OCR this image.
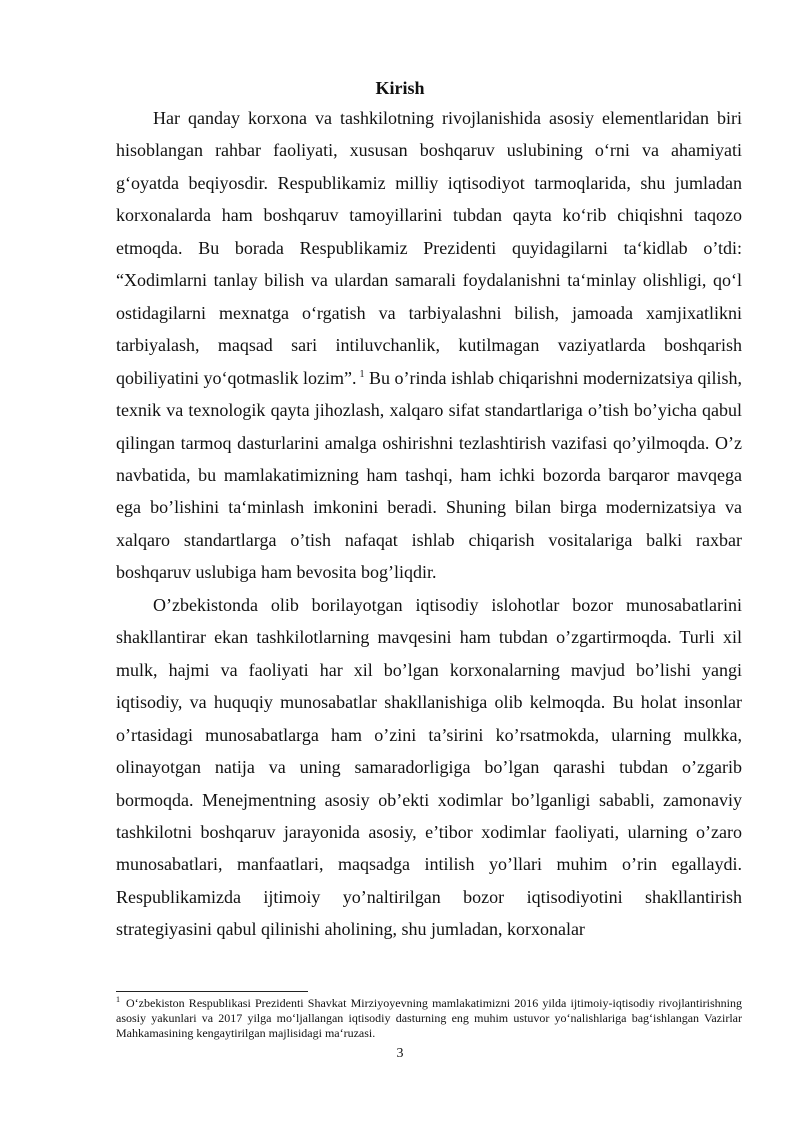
Kirish

Har qanday korxona va tashkilotning rivojlanishida asosiy elementlaridan biri hisoblangan rahbar faoliyati, xususan boshqaruv uslubining o‘rni va ahamiyati g‘oyatda beqiyosdir. Respublikamiz milliy iqtisodiyot tarmoqlarida, shu jumladan korxonalarda ham boshqaruv tamoyillarini tubdan qayta ko‘rib chiqishni taqozo etmoqda. Bu borada Respublikamiz Prezidenti quyidagilarni ta‘kidlab o’tdi: “Xodimlarni tanlay bilish va ulardan samarali foydalanishni ta‘minlay olishligi, qo‘l ostidagilarni mexnatga o‘rgatish va tarbiyalashni bilish, jamoada xamjixatlikni tarbiyalash, maqsad sari intiluvchanlik, kutilmagan vaziyatlarda boshqarish qobiliyatini yo‘qotmaslik lozim”. $^1$ Bu o’rinda ishlab chiqarishni modernizatsiya qilish, texnik va texnologik qayta jihozlash, xalqaro sifat standartlariga o’tish bo’yicha qabul qilingan tarmoq dasturlarini amalga oshirishni tezlashtirish vazifasi qo’yilmoqda. O’z navbatida, bu mamlakatimizning ham tashqi, ham ichki bozorda barqaror mavqega ega bo’lishini ta‘minlash imkonini beradi. Shuning bilan birga modernizatsiya va xalqaro standartlarga o’tish nafaqat ishlab chiqarish vositalariga balki raxbar boshqaruv uslubiga ham bevosita bog’liqdir.

O’zbekistonda olib borilayotgan iqtisodiy islohotlar bozor munosabatlarini shakllantirar ekan tashkilotlarning mavqesini ham tubdan o’zgartirmoqda. Turli xil mulk, hajmi va faoliyati har xil bo’lgan korxonalarning mavjud bo’lishi yangi iqtisodiy, va huquqiy munosabatlar shakllanishiga olib kelmoqda. Bu holat insonlar o’rtasidagi munosabatlarga ham o’zini ta’sirini ko’rsatmokda, ularning mulkka, olinayotgan natija va uning samaradorligiga bo’lgan qarashi tubdan o’zgarib bormoqda. Menejmentning asosiy ob’ekti xodimlar bo’lganligi sababli, zamonaviy tashkilotni boshqaruv jarayonida asosiy, e’tibor xodimlar faoliyati, ularning o’zaro munosabatlari, manfaatlari, maqsadga intilish yo’llari muhim o’rin egallaydi. Respublikamizda ijtimoiy yo’naltirilgan bozor iqtisodiyotini shakllantirish strategiyasini qabul qilinishi aholining, shu jumladan, korxonalar

$^1$ O‘zbekiston Respublikasi Prezidenti Shavkat Mirziyoyevning mamlakatimizni 2016 yilda ijtimoiy-iqtisodiy rivojlantirishning asosiy yakunlari va 2017 yilga mo‘ljallangan iqtisodiy dasturning eng muhim ustuvor yo‘nalishlariga bag‘ishlangan Vazirlar Mahkamasining kengaytirilgan majlisidagi ma‘ruzasi.

3
